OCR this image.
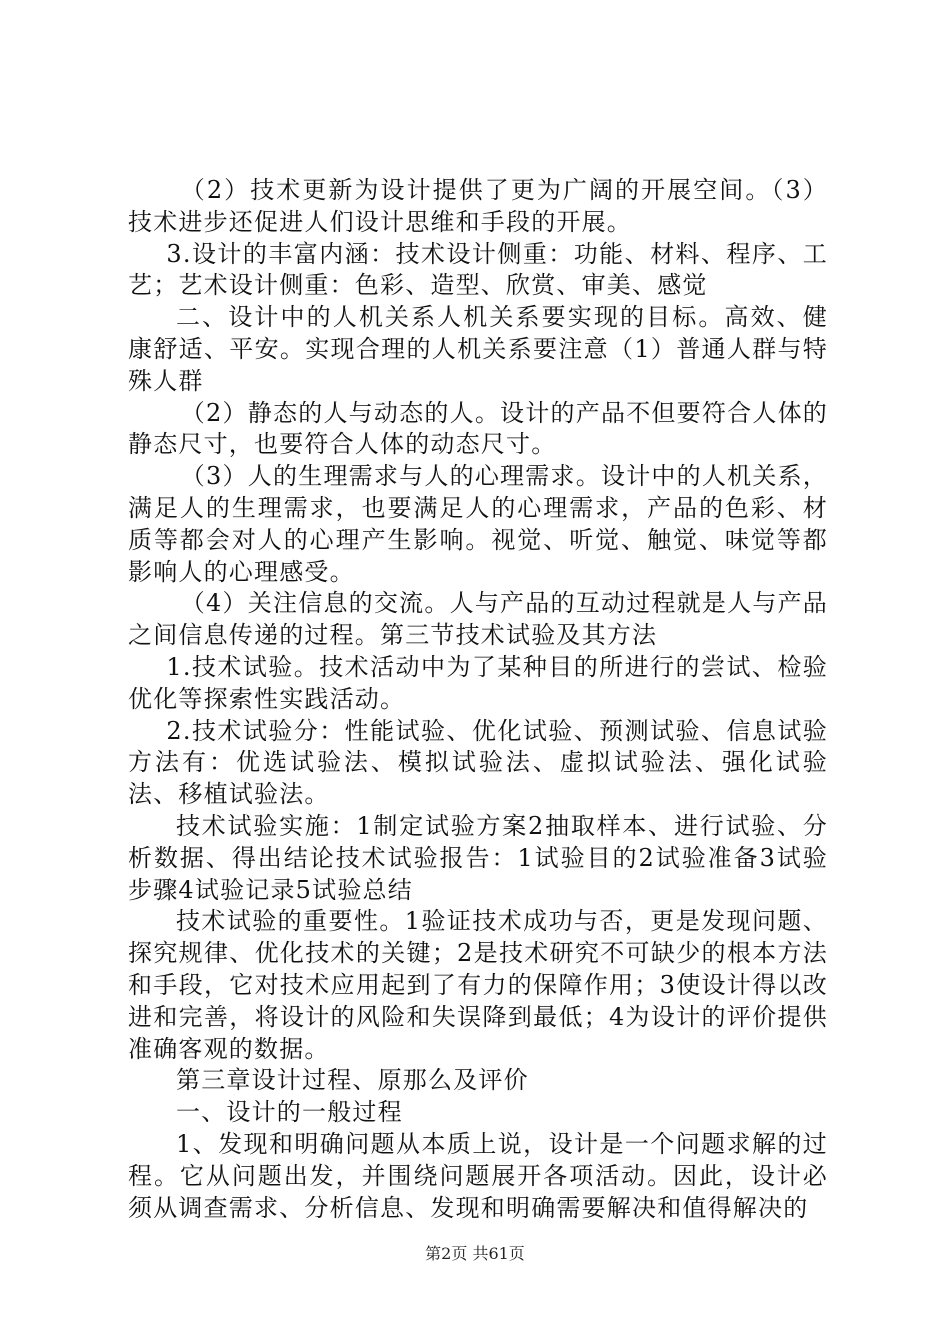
（2）技术更新为设计提供了更为广阔的开展空间。（3）技术进步还促进人们设计思维和手段的开展。

3.设计的丰富内涵：技术设计侧重：功能、材料、程序、工艺；艺术设计侧重：色彩、造型、欣赏、审美、感觉

二、设计中的人机关系人机关系要实现的目标。高效、健康舒适、平安。实现合理的人机关系要注意（1）普通人群与特殊人群

（2）静态的人与动态的人。设计的产品不但要符合人体的静态尺寸，也要符合人体的动态尺寸。

（3）人的生理需求与人的心理需求。设计中的人机关系，满足人的生理需求，也要满足人的心理需求，产品的色彩、材质等都会对人的心理产生影响。视觉、听觉、触觉、味觉等都影响人的心理感受。

（4）关注信息的交流。人与产品的互动过程就是人与产品之间信息传递的过程。第三节技术试验及其方法

1.技术试验。技术活动中为了某种目的所进行的尝试、检验优化等探索性实践活动。

2.技术试验分：性能试验、优化试验、预测试验、信息试验方法有：优选试验法、模拟试验法、虚拟试验法、强化试验法、移植试验法。

技术试验实施：1制定试验方案2抽取样本、进行试验、分析数据、得出结论技术试验报告：1试验目的2试验准备3试验步骤4试验记录5试验总结

技术试验的重要性。1验证技术成功与否，更是发现问题、探究规律、优化技术的关键；2是技术研究不可缺少的根本方法和手段，它对技术应用起到了有力的保障作用；3使设计得以改进和完善，将设计的风险和失误降到最低；4为设计的评价提供准确客观的数据。

第三章设计过程、原那么及评价

一、设计的一般过程

1、发现和明确问题从本质上说，设计是一个问题求解的过程。它从问题出发，并围绕问题展开各项活动。因此，设计必须从调查需求、分析信息、发现和明确需要解决和值得解决的

第2页 共61页
